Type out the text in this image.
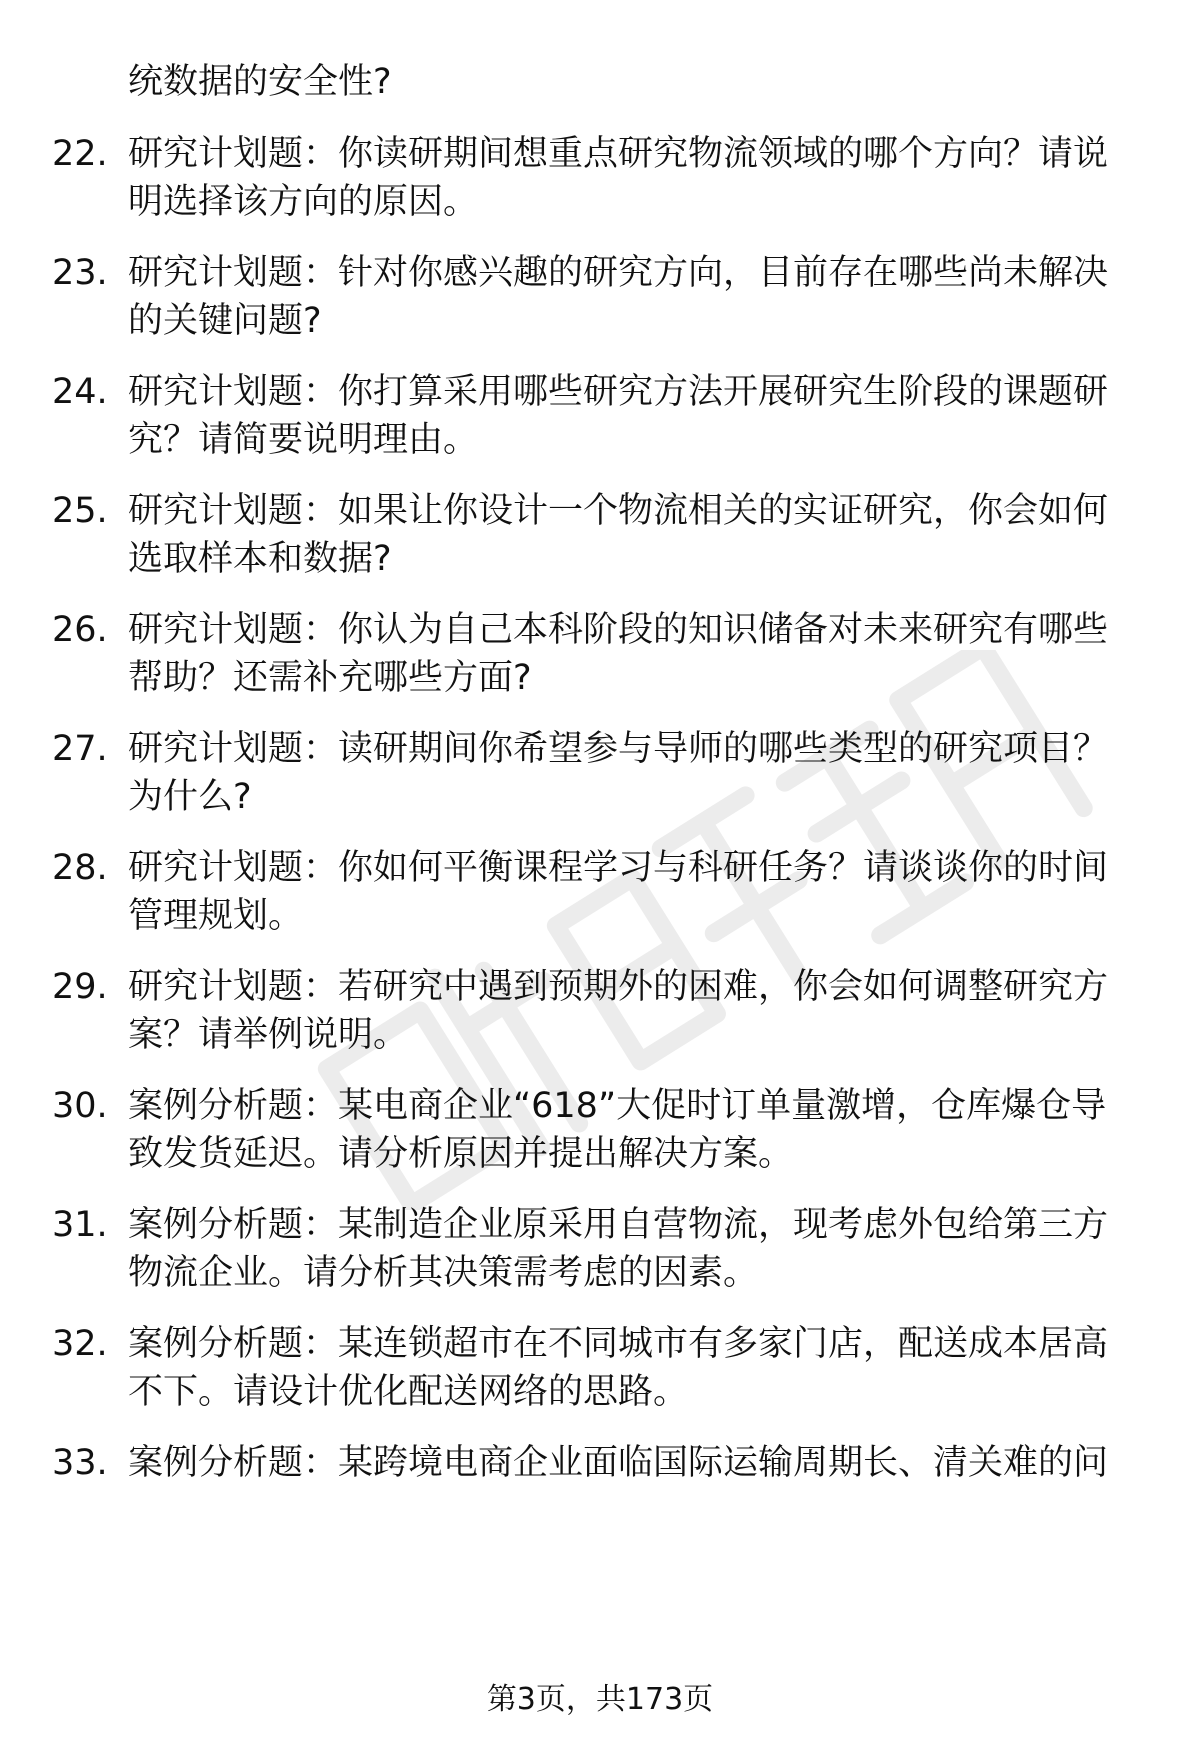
统数据的安全性?
22. 研究计划题：你读研期间想重点研究物流领域的哪个方向？请说明选择该方向的原因。
23. 研究计划题：针对你感兴趣的研究方向，目前存在哪些尚未解决的关键问题?
24. 研究计划题：你打算采用哪些研究方法开展研究生阶段的课题研究？请简要说明理由。
25. 研究计划题：如果让你设计一个物流相关的实证研究，你会如何选取样本和数据?
26. 研究计划题：你认为自己本科阶段的知识储备对未来研究有哪些帮助？还需补充哪些方面?
27. 研究计划题：读研期间你希望参与导师的哪些类型的研究项目？为什么?
28. 研究计划题：你如何平衡课程学习与科研任务？请谈谈你的时间管理规划。
29. 研究计划题：若研究中遇到预期外的困难，你会如何调整研究方案？请举例说明。
30. 案例分析题：某电商企业“618”大促时订单量激增，仓库爆仓导致发货延迟。请分析原因并提出解决方案。
31. 案例分析题：某制造企业原采用自营物流，现考虑外包给第三方物流企业。请分析其决策需考虑的因素。
32. 案例分析题：某连锁超市在不同城市有多家门店，配送成本居高不下。请设计优化配送网络的思路。
33. 案例分析题：某跨境电商企业面临国际运输周期长、清关难的问
第3页，共173页
